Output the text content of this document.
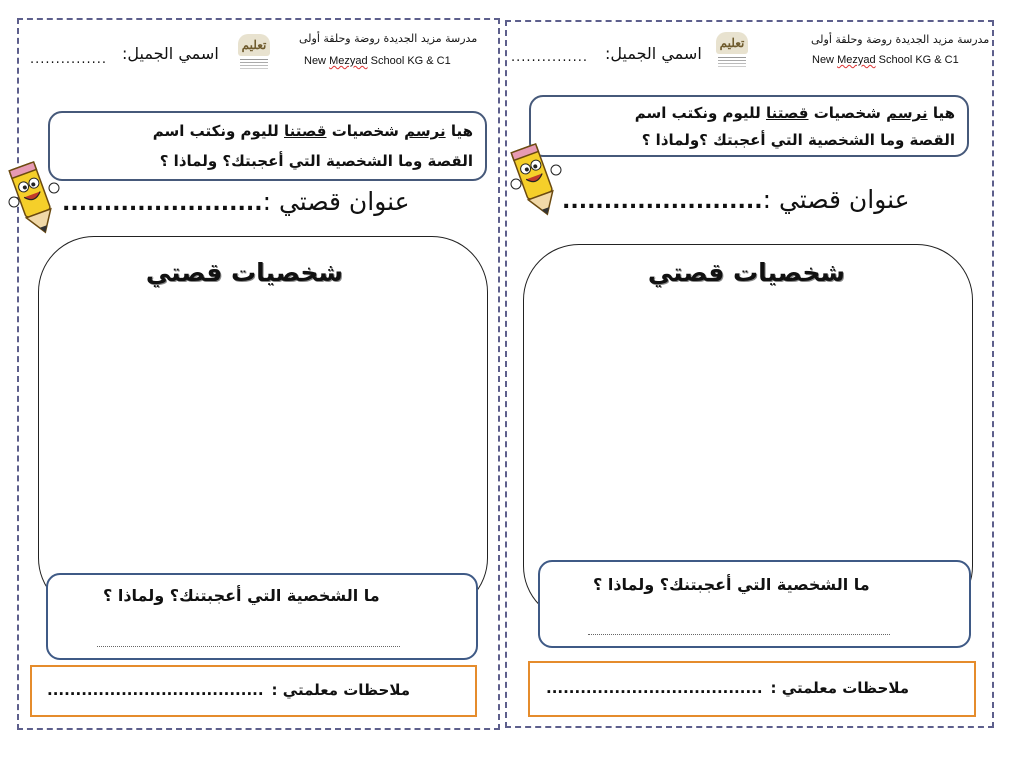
مدرسة مزيد الجديدة روضة وحلقة أولى
New Mezyad School KG & C1
تعليم
اسمي الجميل:
...............
هيا نرسم شخصيات قصتنا لليوم ونكتب اسم
القصة وما الشخصية التي أعجبتك؟ ولماذا ؟
عنوان قصتي :........................
شخصيات قصتي
ما الشخصية التي أعجبتنك؟ ولماذا ؟
ملاحظات معلمتي :......................................
مدرسة مزيد الجديدة روضة وحلقة أولى
New Mezyad School KG & C1
تعليم
اسمي الجميل:
...............
هيا نرسم شخصيات قصتنا لليوم ونكتب اسم
القصة وما الشخصية التي أعجبتك ؟ولماذا ؟
عنوان قصتي :........................
شخصيات قصتي
ما الشخصية التي أعجبتنك؟ ولماذا ؟
ملاحظات معلمتي :......................................
